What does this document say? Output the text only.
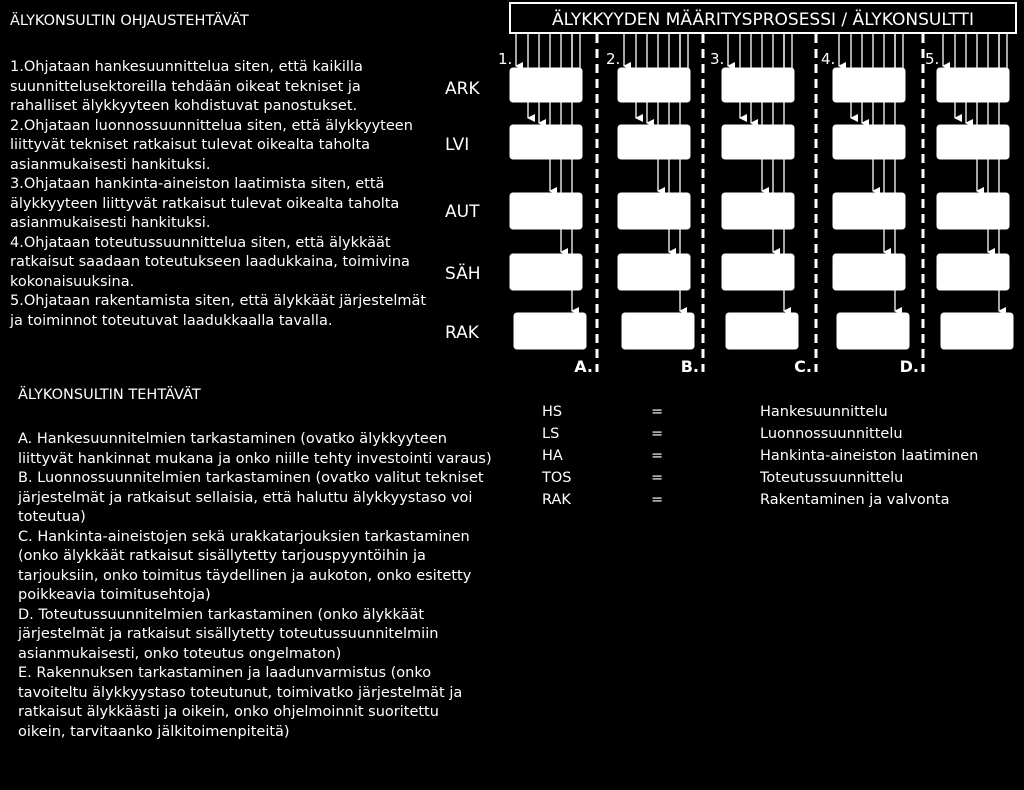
ÄLYKONSULTIN OHJAUSTEHTÄVÄT
1.Ohjataan hankesuunnittelua siten, että kaikilla
suunnittelusektoreilla tehdään oikeat tekniset ja
rahalliset älykkyyteen kohdistuvat panostukset.
2.Ohjataan luonnossuunnittelua siten, että älykkyyteen
liittyvät tekniset ratkaisut tulevat oikealta taholta
asianmukaisesti hankituksi.
3.Ohjataan hankinta-aineiston laatimista siten, että
älykkyyteen liittyvät ratkaisut tulevat oikealta taholta
asianmukaisesti hankituksi.
4.Ohjataan toteutussuunnittelua siten, että älykkäät
ratkaisut saadaan toteutukseen laadukkaina, toimivina
kokonaisuuksina.
5.Ohjataan rakentamista siten, että älykkäät järjestelmät
ja toiminnot toteutuvat laadukkaalla tavalla.
ÄLYKONSULTIN TEHTÄVÄT
A. Hankesuunnitelmien tarkastaminen (ovatko älykkyyteen
liittyvät hankinnat mukana ja onko niille tehty investointi varaus)
B. Luonnossuunnitelmien tarkastaminen (ovatko valitut tekniset
järjestelmät ja ratkaisut sellaisia, että haluttu älykkyystaso voi
toteutua)
C. Hankinta-aineistojen sekä urakkatarjouksien tarkastaminen
(onko älykkäät ratkaisut sisällytetty tarjouspyyntöihin ja
tarjouksiin, onko toimitus täydellinen ja aukoton, onko esitetty
poikkeavia toimitusehtoja)
D. Toteutussuunnitelmien tarkastaminen (onko älykkäät
järjestelmät ja ratkaisut sisällytetty toteutussuunnitelmiin
asianmukaisesti, onko toteutus ongelmaton)
E. Rakennuksen tarkastaminen ja laadunvarmistus (onko
tavoiteltu älykkyystaso toteutunut, toimivatko järjestelmät ja
ratkaisut älykkäästi ja oikein, onko ohjelmoinnit suoritettu
oikein, tarvitaanko jälkitoimenpiteitä)
ÄLYKKYYDEN MÄÄRITYSPROSESSI / ÄLYKONSULTTI
A.	B.	C.	D.
1.	2.	3.	4.	5.
ARK
LVI
AUT
SÄH
RAK
HS	=	Hankesuunnittelu
LS	=	Luonnossuunnittelu
HA	=	Hankinta-aineiston laatiminen
TOS	=	Toteutussuunnittelu
RAK	=	Rakentaminen ja valvonta
